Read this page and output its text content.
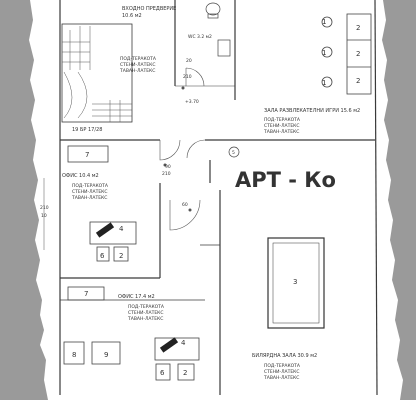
ВХОДНО ПРЕДВЕРИЕ
10.6 м2
ПОД-ТЕРАКОТА
СТЕНИ-ЛАТЕКС
ТАВАН-ЛАТЕКС
WC 3.2 м2
20
210
+3.70
ЗАЛА РАЗВЛЕКАТЕЛНИ ИГРИ 15.6 м2
ПОД-ТЕРАКОТА
СТЕНИ-ЛАТЕКС
ТАВАН-ЛАТЕКС
19 БР 17/28
ОФИС 10.4 м2
ПОД-ТЕРАКОТА
СТЕНИ-ЛАТЕКС
ТАВАН-ЛАТЕКС
90
210
210
10
60
ОФИС 17.4 м2
ПОД-ТЕРАКОТА
СТЕНИ-ЛАТЕКС
ТАВАН-ЛАТЕКС
БИЛЯРДНА ЗАЛА 30.9 м2
ПОД-ТЕРАКОТА
СТЕНИ-ЛАТЕКС
ТАВАН-ЛАТЕКС
1
2
1	2
1	2
7
4
6 2
7
8	9
4
6	2
3
5
АРТ - Ко
